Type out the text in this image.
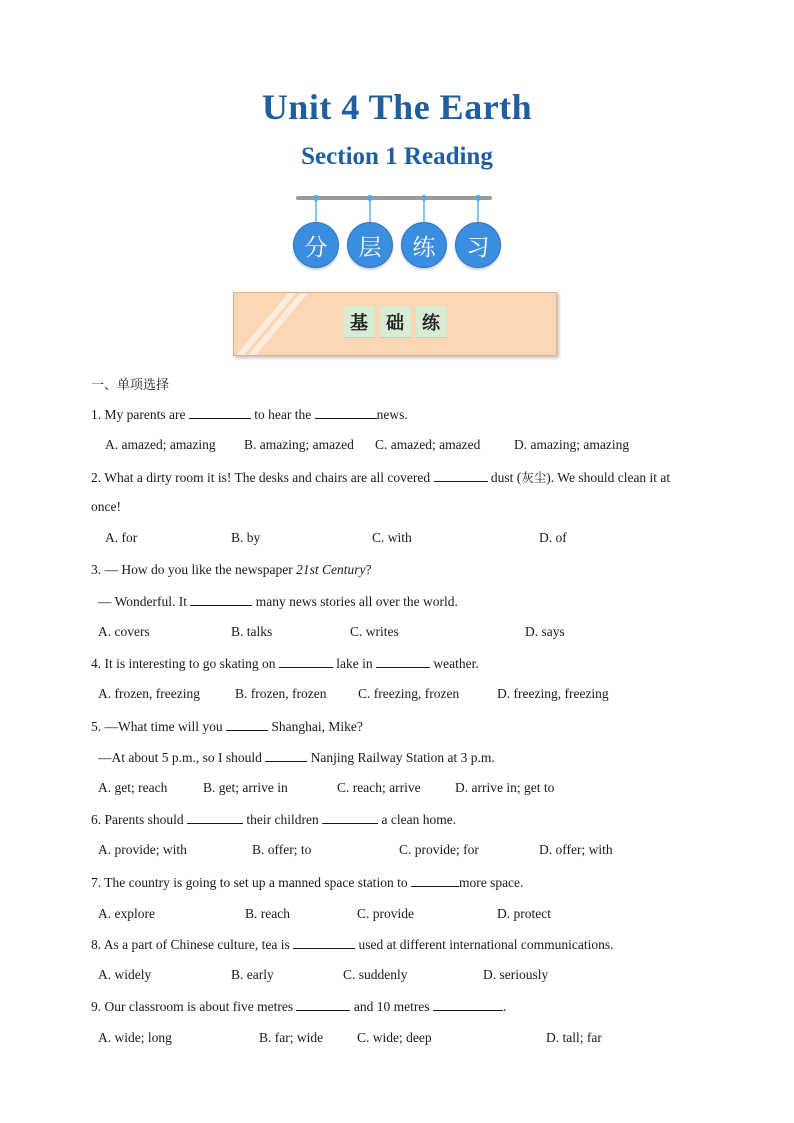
Unit 4 The Earth
Section 1 Reading
分	层	练	习
基	础	练
一、单项选择
1. My parents are	to hear the	news.
A. amazed; amazing B. amazing; amazed C. amazed; amazed D. amazing; amazing
2. What a dirty room it is! The desks and chairs are all covered	dust (灰尘). We should clean it at
once!
A. for	B. by	C. with	D. of
3. — How do you like the newspaper 21st Century?
— Wonderful. It	many news stories all over the world.
A. covers	B. talks	C. writes	D. says
4. It is interesting to go skating on	lake in	weather.
A. frozen, freezing	B. frozen, frozen C. freezing, frozen	D. freezing, freezing
5. —What time will you	Shanghai, Mike?
—At about 5 p.m., so I should	Nanjing Railway Station at 3 p.m.
A. get; reach	B. get; arrive in	C. reach; arrive	D. arrive in; get to
6. Parents should	their children	a clean home.
A. provide; with	B. offer; to	C. provide; for	D. offer; with
7. The country is going to set up a manned space station to	more space.
A. explore	B. reach	C. provide	D. protect
8. As a part of Chinese culture, tea is	used at different international communications.
A. widely	B. early	C. suddenly	D. seriously
9. Our classroom is about five metres	and 10 metres	.
A. wide; long	B. far; wide	C. wide; deep	D. tall; far
